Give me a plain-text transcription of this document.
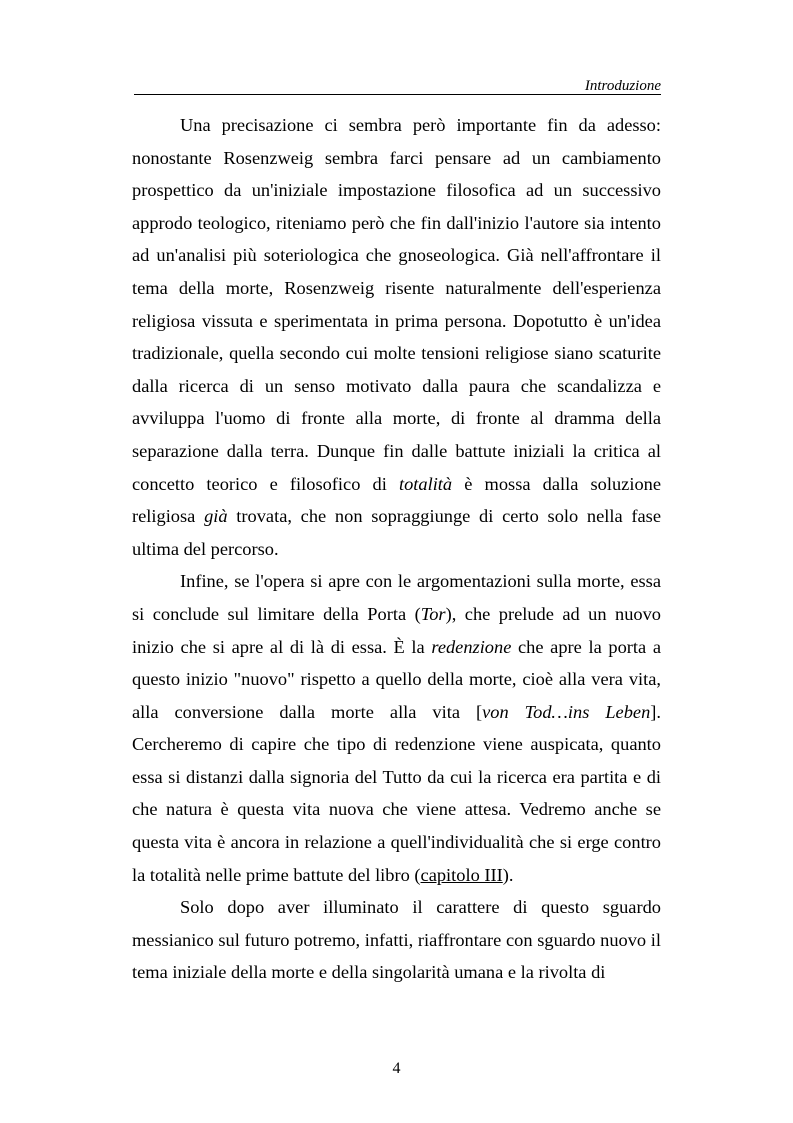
Introduzione

Una precisazione ci sembra però importante fin da adesso: nonostante Rosenzweig sembra farci pensare ad un cambiamento prospettico da un'iniziale impostazione filosofica ad un successivo approdo teologico, riteniamo però che fin dall'inizio l'autore sia intento ad un'analisi più soteriologica che gnoseologica. Già nell'affrontare il tema della morte, Rosenzweig risente naturalmente dell'esperienza religiosa vissuta e sperimentata in prima persona. Dopotutto è un'idea tradizionale, quella secondo cui molte tensioni religiose siano scaturite dalla ricerca di un senso motivato dalla paura che scandalizza e avviluppa l'uomo di fronte alla morte, di fronte al dramma della separazione dalla terra. Dunque fin dalle battute iniziali la critica al concetto teorico e filosofico di totalità è mossa dalla soluzione religiosa già trovata, che non sopraggiunge di certo solo nella fase ultima del percorso.

Infine, se l'opera si apre con le argomentazioni sulla morte, essa si conclude sul limitare della Porta (Tor), che prelude ad un nuovo inizio che si apre al di là di essa. È la redenzione che apre la porta a questo inizio "nuovo" rispetto a quello della morte, cioè alla vera vita, alla conversione dalla morte alla vita [von Tod…ins Leben]. Cercheremo di capire che tipo di redenzione viene auspicata, quanto essa si distanzi dalla signoria del Tutto da cui la ricerca era partita e di che natura è questa vita nuova che viene attesa. Vedremo anche se questa vita è ancora in relazione a quell'individualità che si erge contro la totalità nelle prime battute del libro (capitolo III).

Solo dopo aver illuminato il carattere di questo sguardo messianico sul futuro potremo, infatti, riaffrontare con sguardo nuovo il tema iniziale della morte e della singolarità umana e la rivolta di

4
